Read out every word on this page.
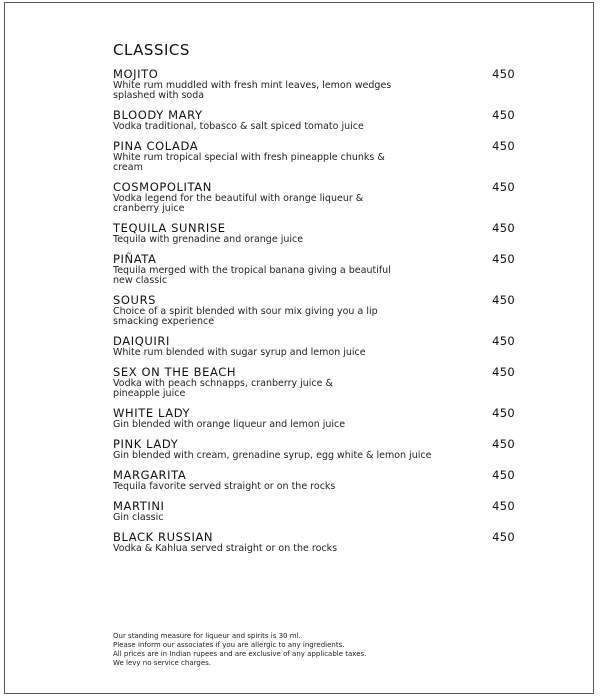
CLASSICS
MOJITO
White rum muddled with fresh mint leaves, lemon wedges splashed with soda
450
BLOODY MARY
Vodka traditional, tobasco & salt spiced tomato juice
450
PINA COLADA
White rum tropical special with fresh pineapple chunks & cream
450
COSMOPOLITAN
Vodka legend for the beautiful with orange liqueur & cranberry juice
450
TEQUILA SUNRISE
Tequila with grenadine and orange juice
450
PIÑATA
Tequila merged with the tropical banana giving a beautiful new classic
450
SOURS
Choice of a spirit blended with sour mix giving you a lip smacking experience
450
DAIQUIRI
White rum blended with sugar syrup and lemon juice
450
SEX ON THE BEACH
Vodka with peach schnapps, cranberry juice & pineapple juice
450
WHITE LADY
Gin blended with orange liqueur and lemon juice
450
PINK LADY
Gin blended with cream, grenadine syrup, egg white & lemon juice
450
MARGARITA
Tequila favorite served straight or on the rocks
450
MARTINI
Gin classic
450
BLACK RUSSIAN
Vodka & Kahlua served straight or on the rocks
450
Our standing measure for liqueur and spirits is 30 ml.
Please inform our associates if you are allergic to any ingredients.
All prices are in Indian rupees and are exclusive of any applicable taxes.
We levy no service charges.
